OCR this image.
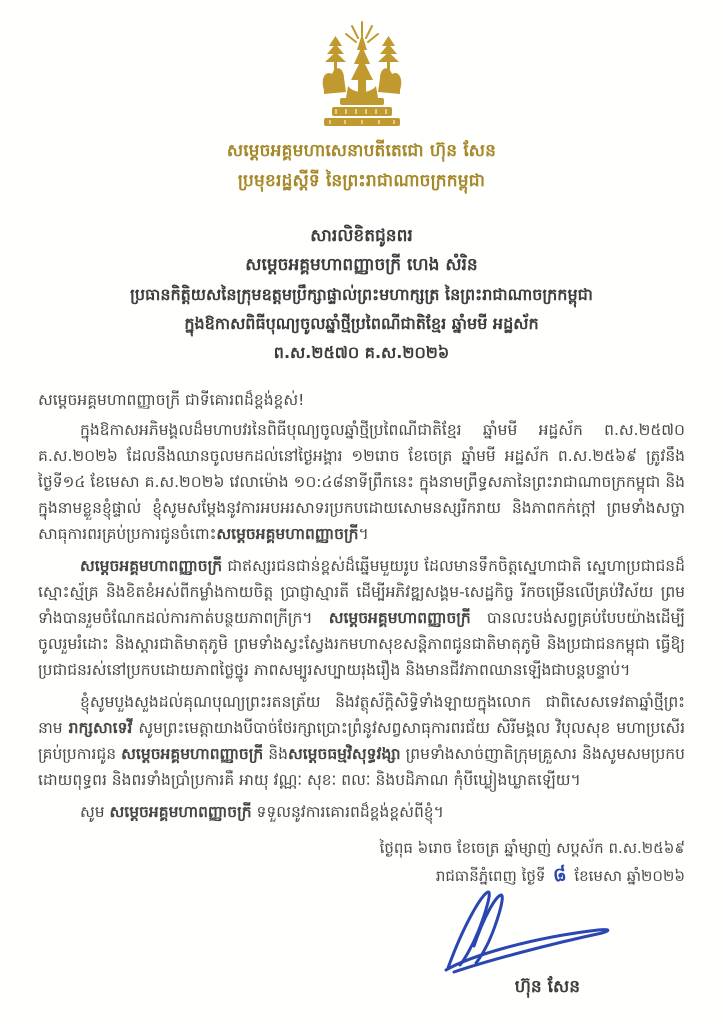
សម្តេចអគ្គមហាសេនាបតីតេជោ ហ៊ុន សែន
ប្រមុខរដ្ឋស្តីទី នៃព្រះរាជាណាចក្រកម្ពុជា
សារលិខិតជូនពរ
សម្តេចអគ្គមហាពញ្ញាចក្រី ហេង សំរិន
ប្រធានកិត្តិយសនៃក្រុមឧត្តមប្រឹក្សាផ្ទាល់ព្រះមហាក្សត្រ នៃព្រះរាជាណាចក្រកម្ពុជា
ក្នុងឱកាសពិធីបុណ្យចូលឆ្នាំថ្មីប្រពៃណីជាតិខ្មែរ ឆ្នាំមមី អដ្ឋស័ក
ព.ស.២៥៧០ គ.ស.២០២៦

សម្តេចអគ្គមហាពញ្ញាចក្រី ជាទីគោរពដ៏ខ្ពង់ខ្ពស់!

ក្នុងឱកាសអភិមង្គលដ៏មហាបវរនៃពិធីបុណ្យចូលឆ្នាំថ្មីប្រពៃណីជាតិខ្មែរ ឆ្នាំមមី អដ្ឋស័ក ព.ស.២៥៧០ គ.ស.២០២៦ ដែលនឹងឈានចូលមកដល់នៅថ្ងៃអង្គារ ១២រោច ខែចេត្រ ឆ្នាំមមី អដ្ឋស័ក ព.ស.២៥៦៩ ត្រូវនឹងថ្ងៃទី១៤ ខែមេសា គ.ស.២០២៦ វេលាម៉ោង ១០:៤៨នាទីព្រឹកនេះ ក្នុងនាមព្រឹទ្ធសភានៃព្រះរាជាណាចក្រកម្ពុជា និងក្នុងនាមខ្លួនខ្ញុំផ្ទាល់ ខ្ញុំសូមសម្តែងនូវការអបអរសាទរប្រកបដោយសោមនស្សរីករាយ និងភាពកក់ក្តៅ ព្រមទាំងសច្ចាសាធុការពរគ្រប់ប្រការជូនចំពោះសម្តេចអគ្គមហាពញ្ញាចក្រី។

សម្តេចអគ្គមហាពញ្ញាចក្រី ជាឥស្សរជនជាន់ខ្ពស់ដ៏ឆ្នើមមួយរូប ដែលមានទឹកចិត្តស្នេហាជាតិ ស្នេហាប្រជាជនដ៏ស្មោះស្ម័គ្រ និងខិតខំអស់ពីកម្លាំងកាយចិត្ត ប្រាជ្ញាស្មារតី ដើម្បីអភិវឌ្ឍសង្គម-សេដ្ឋកិច្ច រីកចម្រើនលើគ្រប់វិស័យ ព្រមទាំងបានរួមចំណែកដល់ការកាត់បន្ថយភាពក្រីក្រ។ សម្តេចអគ្គមហាពញ្ញាចក្រី បានលះបង់សព្វគ្រប់បែបយ៉ាងដើម្បីចូលរួមរំដោះ និងស្តារជាតិមាតុភូមិ ព្រមទាំងស្វះស្វែងរកមហាសុខសន្តិភាពជូនជាតិមាតុភូមិ និងប្រជាជនកម្ពុជា ធ្វើឱ្យប្រជាជនរស់នៅប្រកបដោយភាពថ្លៃថ្នូរ ភាពសម្បូរសប្បាយរុងរឿង និងមានជីវភាពឈានឡើងជាបន្តបន្ទាប់។

ខ្ញុំសូមបួងសួងដល់គុណបុណ្យព្រះរតនត្រ័យ និងវត្ថុស័ក្តិសិទ្ធិទាំងឡាយក្នុងលោក ជាពិសេសទេវតាឆ្នាំថ្មីព្រះនាម រាក្សសាទេវី សូមព្រះមេត្តាយាងបីបាច់ថែរក្សាប្រោះព្រំនូវសព្វសាធុការពរជ័យ សិរីមង្គល វិបុលសុខ មហាប្រសើរគ្រប់ប្រការជូន សម្តេចអគ្គមហាពញ្ញាចក្រី និងសម្តេចធម្មវិសុទ្ធវង្សា ព្រមទាំងសាច់ញាតិក្រុមគ្រួសារ និងសូមសមប្រកបដោយពុទ្ធពរ និងពរទាំងប្រាំប្រការគឺ អាយុ វណ្ណៈ សុខៈ ពលៈ និងបដិភាណ កុំបីឃ្លៀងឃ្លាតឡើយ។

សូម សម្តេចអគ្គមហាពញ្ញាចក្រី ទទួលនូវការគោរពដ៏ខ្ពង់ខ្ពស់ពីខ្ញុំ។

ថ្ងៃពុធ ៦រោច ខែចេត្រ ឆ្នាំម្សាញ់ សប្តស័ក ព.ស.២៥៦៩
រាជធានីភ្នំពេញ ថ្ងៃទី ៨ ខែមេសា ឆ្នាំ២០២៦
ហ៊ុន សែន
